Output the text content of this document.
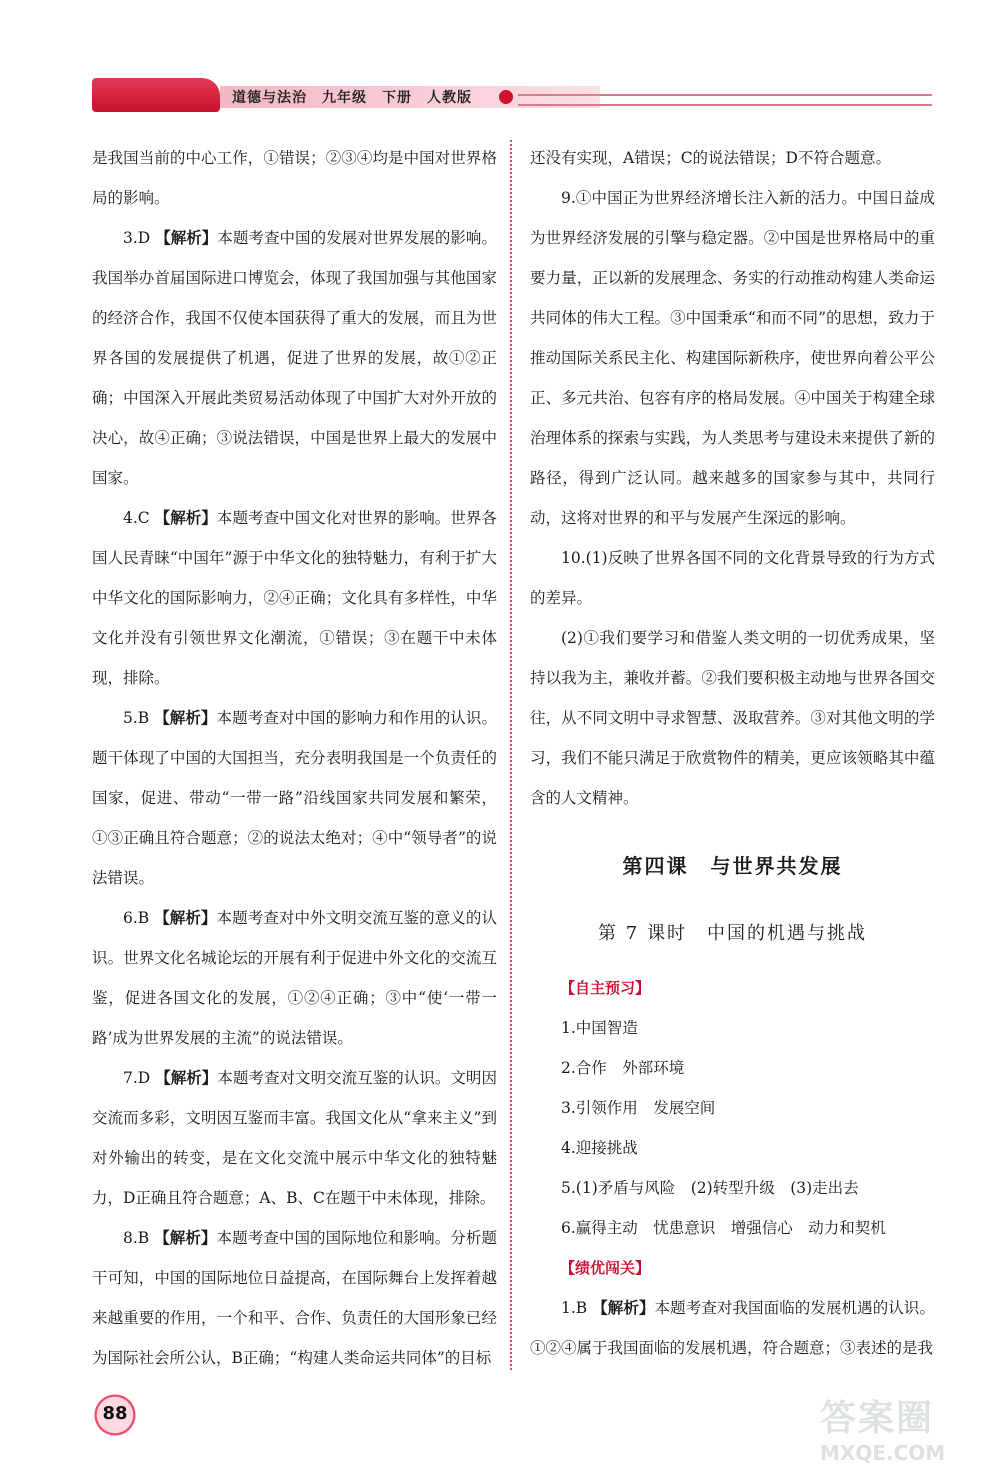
道德与法治　九年级　下册　人教版

是我国当前的中心工作，①错误；②③④均是中国对世界格局的影响。

3.D 【解析】本题考查中国的发展对世界发展的影响。我国举办首届国际进口博览会，体现了我国加强与其他国家的经济合作，我国不仅使本国获得了重大的发展，而且为世界各国的发展提供了机遇，促进了世界的发展，故①②正确；中国深入开展此类贸易活动体现了中国扩大对外开放的决心，故④正确；③说法错误，中国是世界上最大的发展中国家。

4.C 【解析】本题考查中国文化对世界的影响。世界各国人民青睐“中国年”源于中华文化的独特魅力，有利于扩大中华文化的国际影响力，②④正确；文化具有多样性，中华文化并没有引领世界文化潮流，①错误；③在题干中未体现，排除。

5.B 【解析】本题考查对中国的影响力和作用的认识。题干体现了中国的大国担当，充分表明我国是一个负责任的国家，促进、带动“一带一路”沿线国家共同发展和繁荣，①③正确且符合题意；②的说法太绝对；④中“领导者”的说法错误。

6.B 【解析】本题考查对中外文明交流互鉴的意义的认识。世界文化名城论坛的开展有利于促进中外文化的交流互鉴，促进各国文化的发展，①②④正确；③中“使‘一带一路’成为世界发展的主流”的说法错误。

7.D 【解析】本题考查对文明交流互鉴的认识。文明因交流而多彩，文明因互鉴而丰富。我国文化从“拿来主义”到对外输出的转变，是在文化交流中展示中华文化的独特魅力，D正确且符合题意；A、B、C在题干中未体现，排除。

8.B 【解析】本题考查中国的国际地位和影响。分析题干可知，中国的国际地位日益提高，在国际舞台上发挥着越来越重要的作用，一个和平、合作、负责任的大国形象已经为国际社会所公认，B正确；“构建人类命运共同体”的目标

还没有实现，A错误；C的说法错误；D不符合题意。

9.①中国正为世界经济增长注入新的活力。中国日益成为世界经济发展的引擎与稳定器。②中国是世界格局中的重要力量，正以新的发展理念、务实的行动推动构建人类命运共同体的伟大工程。③中国秉承“和而不同”的思想，致力于推动国际关系民主化、构建国际新秩序，使世界向着公平公正、多元共治、包容有序的格局发展。④中国关于构建全球治理体系的探索与实践，为人类思考与建设未来提供了新的路径，得到广泛认同。越来越多的国家参与其中，共同行动，这将对世界的和平与发展产生深远的影响。

10.(1)反映了世界各国不同的文化背景导致的行为方式的差异。

(2)①我们要学习和借鉴人类文明的一切优秀成果，坚持以我为主，兼收并蓄。②我们要积极主动地与世界各国交往，从不同文明中寻求智慧、汲取营养。③对其他文明的学习，我们不能只满足于欣赏物件的精美，更应该领略其中蕴含的人文精神。

第四课　与世界共发展
第 7 课时　中国的机遇与挑战

【自主预习】

1.中国智造

2.合作　外部环境

3.引领作用　发展空间

4.迎接挑战

5.(1)矛盾与风险　(2)转型升级　(3)走出去

6.赢得主动　忧患意识　增强信心　动力和契机

【绩优闯关】

1.B 【解析】本题考查对我国面临的发展机遇的认识。①②④属于我国面临的发展机遇，符合题意；③表述的是我

88	答案圈
MXQE.COM
